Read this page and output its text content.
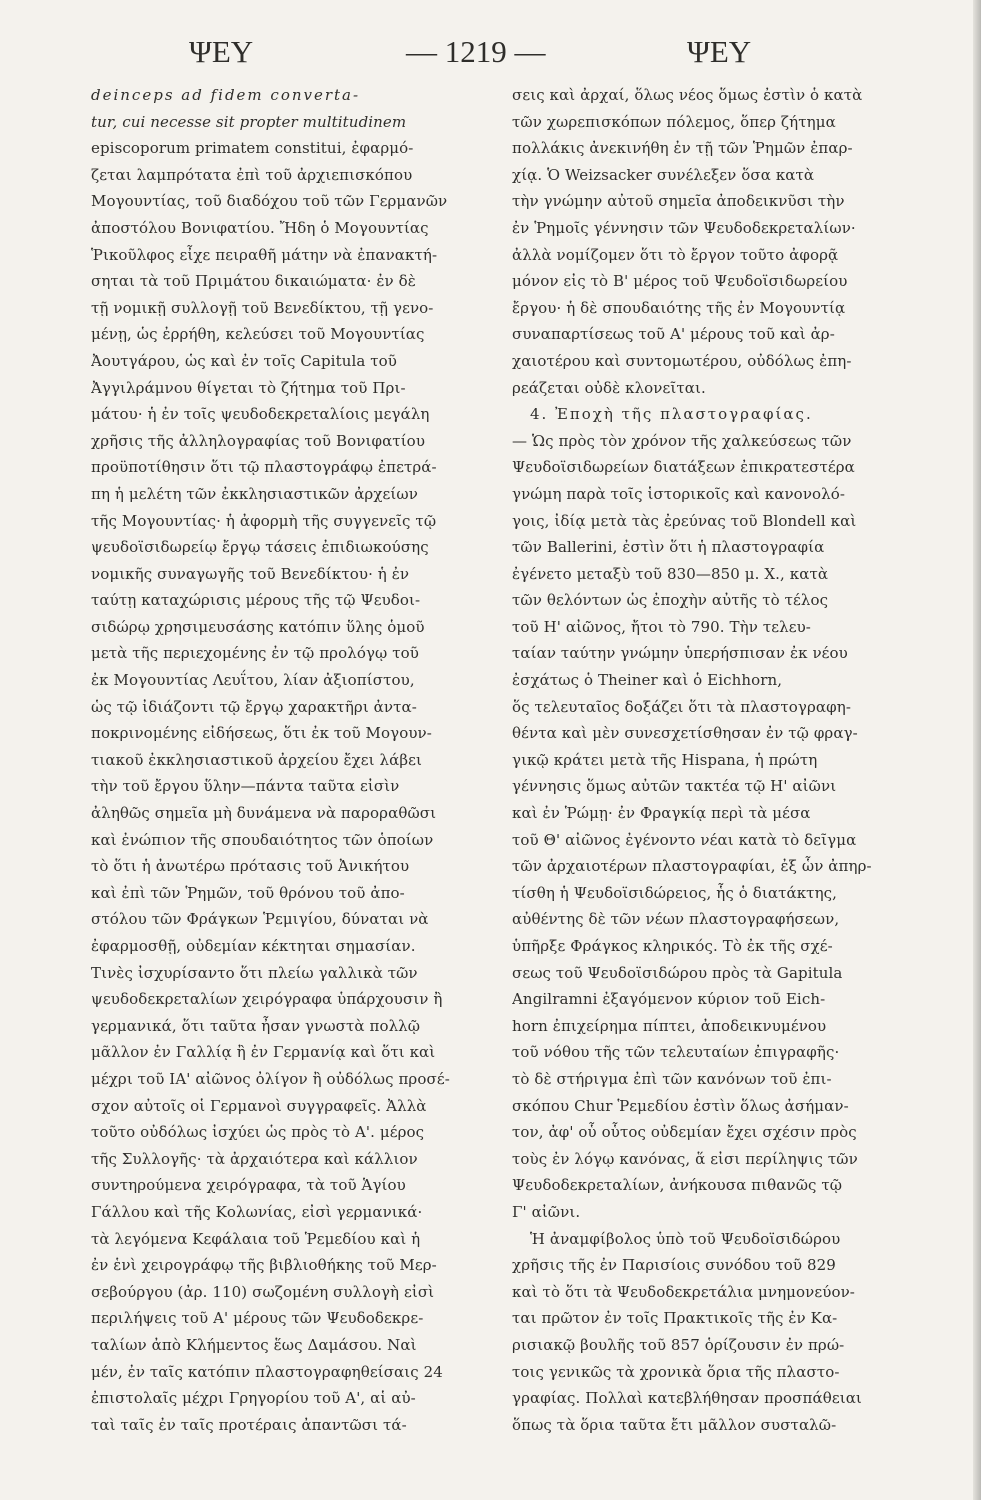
ΨΕΥ	— 1219 —	ΨΕΥ
deinceps ad fidem converta-
tur, cui necesse sit propter multitudinem
episcoporum primatem constitui, ἐφαρμό-
ζεται λαμπρότατα ἐπὶ τοῦ ἀρχιεπισκόπου
Μογουντίας, τοῦ διαδόχου τοῦ τῶν Γερμανῶν
ἀποστόλου Βονιφατίου. Ἤδη ὁ Μογουντίας
Ῥικοῦλφος εἶχε πειραθῆ μάτην νὰ ἐπανακτή-
σηται τὰ τοῦ Πριμάτου δικαιώματα· ἐν δὲ
τῇ νομικῇ συλλογῇ τοῦ Βενεδίκτου, τῇ γενο-
μένῃ, ὡς ἐρρήθη, κελεύσει τοῦ Μογουντίας
Ἀουτγάρου, ὡς καὶ ἐν τοῖς Capitula τοῦ
Ἀγγιλράμνου θίγεται τὸ ζήτημα τοῦ Πρι-
μάτου· ἡ ἐν τοῖς ψευδοδεκρεταλίοις μεγάλη
χρῆσις τῆς ἀλληλογραφίας τοῦ Βονιφατίου
προϋποτίθησιν ὅτι τῷ πλαστογράφῳ ἐπετρά-
πη ἡ μελέτη τῶν ἐκκλησιαστικῶν ἀρχείων
τῆς Μογουντίας· ἡ ἀφορμὴ τῆς συγγενεῖς τῷ
ψευδοϊσιδωρείῳ ἔργῳ τάσεις ἐπιδιωκούσης
νομικῆς συναγωγῆς τοῦ Βενεδίκτου· ἡ ἐν
ταύτῃ καταχώρισις μέρους τῆς τῷ Ψευδοι-
σιδώρῳ χρησιμευσάσης κατόπιν ὕλης ὁμοῦ
μετὰ τῆς περιεχομένης ἐν τῷ προλόγῳ τοῦ
ἐκ Μογουντίας Λευΐτου, λίαν ἀξιοπίστου,
ὡς τῷ ἰδιάζοντι τῷ ἔργῳ χαρακτῆρι ἀντα-
ποκρινομένης εἰδήσεως, ὅτι ἐκ τοῦ Μογουν-
τιακοῦ ἐκκλησιαστικοῦ ἀρχείου ἔχει λάβει
τὴν τοῦ ἔργου ὕλην—πάντα ταῦτα εἰσὶν
ἀληθῶς σημεῖα μὴ δυνάμενα νὰ παροραθῶσι
καὶ ἐνώπιον τῆς σπουδαιότητος τῶν ὁποίων
τὸ ὅτι ἡ ἀνωτέρω πρότασις τοῦ Ἀνικήτου
καὶ ἐπὶ τῶν Ῥημῶν, τοῦ θρόνου τοῦ ἀπο-
στόλου τῶν Φράγκων Ῥεμιγίου, δύναται νὰ
ἐφαρμοσθῇ, οὐδεμίαν κέκτηται σημασίαν.
Τινὲς ἰσχυρίσαντο ὅτι πλείω γαλλικὰ τῶν
ψευδοδεκρεταλίων χειρόγραφα ὑπάρχουσιν ἢ
γερμανικά, ὅτι ταῦτα ἦσαν γνωστὰ πολλῷ
μᾶλλον ἐν Γαλλίᾳ ἢ ἐν Γερμανίᾳ καὶ ὅτι καὶ
μέχρι τοῦ ΙΑ' αἰῶνος ὀλίγον ἢ οὐδόλως προσέ-
σχον αὐτοῖς οἱ Γερμανοὶ συγγραφεῖς. Ἀλλὰ
τοῦτο οὐδόλως ἰσχύει ὡς πρὸς τὸ Α'. μέρος
τῆς Συλλογῆς· τὰ ἀρχαιότερα καὶ κάλλιον
συντηρούμενα χειρόγραφα, τὰ τοῦ Ἁγίου
Γάλλου καὶ τῆς Κολωνίας, εἰσὶ γερμανικά·
τὰ λεγόμενα Κεφάλαια τοῦ Ῥεμεδίου καὶ ἡ
ἐν ἑνὶ χειρογράφῳ τῆς βιβλιοθήκης τοῦ Μερ-
σεβούργου (ἀρ. 110) σωζομένη συλλογὴ εἰσὶ
περιλήψεις τοῦ Α' μέρους τῶν Ψευδοδεκρε-
ταλίων ἀπὸ Κλήμεντος ἕως Δαμάσου. Ναὶ
μέν, ἐν ταῖς κατόπιν πλαστογραφηθείσαις 24
ἐπιστολαῖς μέχρι Γρηγορίου τοῦ Α', αἱ αὐ-
ταὶ ταῖς ἐν ταῖς προτέραις ἀπαντῶσι τά-
σεις καὶ ἀρχαί, ὅλως νέος ὅμως ἐστὶν ὁ κατὰ
τῶν χωρεπισκόπων πόλεμος, ὅπερ ζήτημα
πολλάκις ἀνεκινήθη ἐν τῇ τῶν Ῥημῶν ἐπαρ-
χίᾳ. Ὁ Weizsacker συνέλεξεν ὅσα κατὰ
τὴν γνώμην αὐτοῦ σημεῖα ἀποδεικνῦσι τὴν
ἐν Ῥημοῖς γέννησιν τῶν Ψευδοδεκρεταλίων·
ἀλλὰ νομίζομεν ὅτι τὸ ἔργον τοῦτο ἀφορᾷ
μόνον εἰς τὸ Β' μέρος τοῦ Ψευδοϊσιδωρείου
ἔργου· ἡ δὲ σπουδαιότης τῆς ἐν Μογουντίᾳ
συναπαρτίσεως τοῦ Α' μέρους τοῦ καὶ ἀρ-
χαιοτέρου καὶ συντομωτέρου, οὐδόλως ἐπη-
ρεάζεται οὐδὲ κλονεῖται.
4. Ἐποχὴ τῆς πλαστογραφίας.
— Ὡς πρὸς τὸν χρόνον τῆς χαλκεύσεως τῶν
Ψευδοϊσιδωρείων διατάξεων ἐπικρατεστέρα
γνώμη παρὰ τοῖς ἱστορικοῖς καὶ κανονολό-
γοις, ἰδίᾳ μετὰ τὰς ἐρεύνας τοῦ Blondell καὶ
τῶν Ballerini, ἐστὶν ὅτι ἡ πλαστογραφία
ἐγένετο μεταξὺ τοῦ 830—850 μ. Χ., κατὰ
τῶν θελόντων ὡς ἐποχὴν αὐτῆς τὸ τέλος
τοῦ Η' αἰῶνος, ἤτοι τὸ 790. Τὴν τελευ-
ταίαν ταύτην γνώμην ὑπερήσπισαν ἐκ νέου
ἐσχάτως ὁ Theiner καὶ ὁ Eichhorn,
ὅς τελευταῖος δοξάζει ὅτι τὰ πλαστογραφη-
θέντα καὶ μὲν συνεσχετίσθησαν ἐν τῷ φραγ-
γικῷ κράτει μετὰ τῆς Hispana, ἡ πρώτη
γέννησις ὅμως αὐτῶν τακτέα τῷ Η' αἰῶνι
καὶ ἐν Ῥώμῃ· ἐν Φραγκίᾳ περὶ τὰ μέσα
τοῦ Θ' αἰῶνος ἐγένοντο νέαι κατὰ τὸ δεῖγμα
τῶν ἀρχαιοτέρων πλαστογραφίαι, ἐξ ὧν ἀπηρ-
τίσθη ἡ Ψευδοϊσιδώρειος, ἧς ὁ διατάκτης,
αὐθέντης δὲ τῶν νέων πλαστογραφήσεων,
ὑπῆρξε Φράγκος κληρικός. Τὸ ἐκ τῆς σχέ-
σεως τοῦ Ψευδοϊσιδώρου πρὸς τὰ Gapitula
Angilramni ἐξαγόμενον κύριον τοῦ Eich-
horn ἐπιχείρημα πίπτει, ἀποδεικνυμένου
τοῦ νόθου τῆς τῶν τελευταίων ἐπιγραφῆς·
τὸ δὲ στήριγμα ἐπὶ τῶν κανόνων τοῦ ἐπι-
σκόπου Chur Ῥεμεδίου ἐστὶν ὅλως ἀσήμαν-
τον, ἀφ' οὗ οὗτος οὐδεμίαν ἔχει σχέσιν πρὸς
τοὺς ἐν λόγῳ κανόνας, ἅ εἰσι περίληψις τῶν
Ψευδοδεκρεταλίων, ἀνήκουσα πιθανῶς τῷ
Γ' αἰῶνι.
Ἡ ἀναμφίβολος ὑπὸ τοῦ Ψευδοϊσιδώρου
χρῆσις τῆς ἐν Παρισίοις συνόδου τοῦ 829
καὶ τὸ ὅτι τὰ Ψευδοδεκρετάλια μνημονεύον-
ται πρῶτον ἐν τοῖς Πρακτικοῖς τῆς ἐν Κα-
ρισιακῷ βουλῆς τοῦ 857 ὁρίζουσιν ἐν πρώ-
τοις γενικῶς τὰ χρονικὰ ὅρια τῆς πλαστο-
γραφίας. Πολλαὶ κατεβλήθησαν προσπάθειαι
ὅπως τὰ ὅρια ταῦτα ἔτι μᾶλλον συσταλῶ-
